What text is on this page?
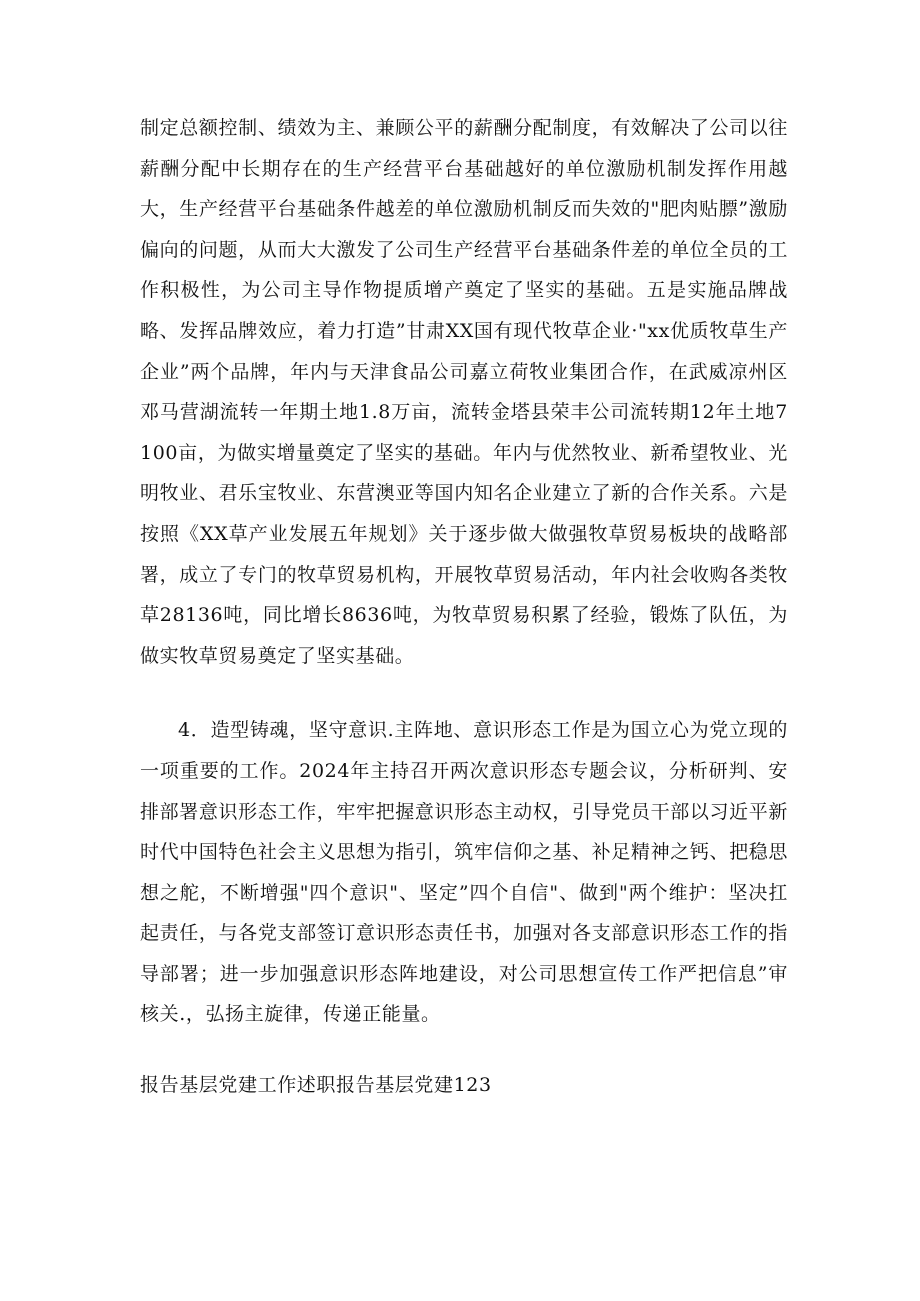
制定总额控制、绩效为主、兼顾公平的薪酬分配制度，有效解决了公司以往薪酬分配中长期存在的生产经营平台基础越好的单位激励机制发挥作用越大，生产经营平台基础条件越差的单位激励机制反而失效的"肥肉贴膘”激励偏向的问题，从而大大激发了公司生产经营平台基础条件差的单位全员的工作积极性，为公司主导作物提质增产奠定了坚实的基础。五是实施品牌战略、发挥品牌效应，着力打造”甘肃XX国有现代牧草企业·"xx优质牧草生产企业”两个品牌，年内与天津食品公司嘉立荷牧业集团合作，在武威凉州区邓马营湖流转一年期土地1.8万亩，流转金塔县荣丰公司流转期12年土地7100亩，为做实增量奠定了坚实的基础。年内与优然牧业、新希望牧业、光明牧业、君乐宝牧业、东营澳亚等国内知名企业建立了新的合作关系。六是按照《XX草产业发展五年规划》关于逐步做大做强牧草贸易板块的战略部署，成立了专门的牧草贸易机构，开展牧草贸易活动，年内社会收购各类牧草28136吨，同比增长8636吨，为牧草贸易积累了经验，锻炼了队伍，为做实牧草贸易奠定了坚实基础。

4．造型铸魂，坚守意识.主阵地、意识形态工作是为国立心为党立现的一项重要的工作。2024年主持召开两次意识形态专题会议，分析研判、安排部署意识形态工作，牢牢把握意识形态主动权，引导党员干部以习近平新时代中国特色社会主义思想为指引，筑牢信仰之基、补足精神之钙、把稳思想之舵，不断增强"四个意识"、坚定”四个自信"、做到"两个维护：坚决扛起责任，与各党支部签订意识形态责任书，加强对各支部意识形态工作的指导部署；进一步加强意识形态阵地建设，对公司思想宣传工作严把信息”审核关.，弘扬主旋律，传递正能量。

报告基层党建工作述职报告基层党建123
